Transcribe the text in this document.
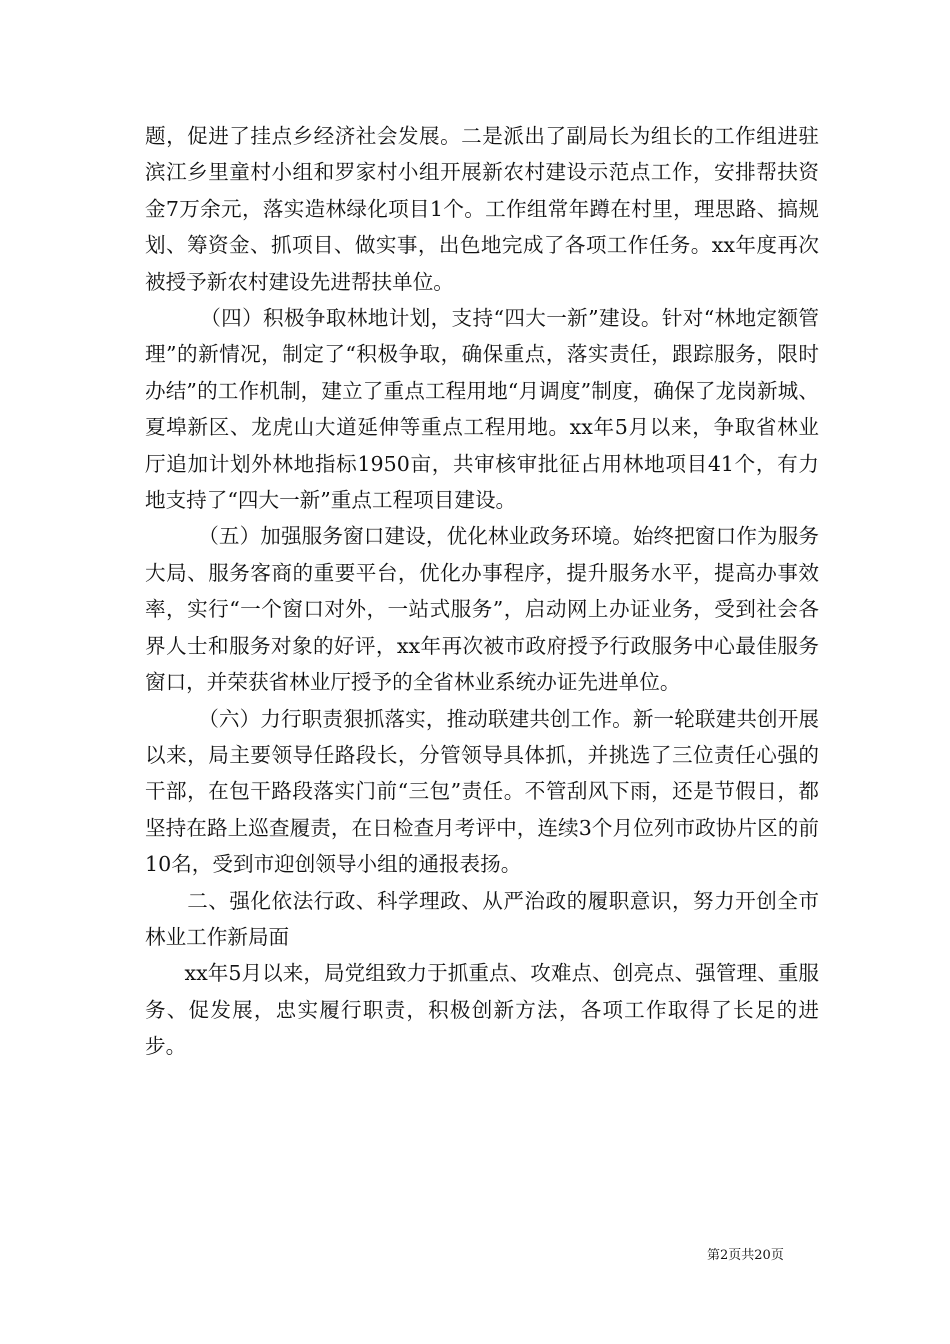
题，促进了挂点乡经济社会发展。二是派出了副局长为组长的工作组进驻滨江乡里童村小组和罗家村小组开展新农村建设示范点工作，安排帮扶资金7万余元，落实造林绿化项目1个。工作组常年蹲在村里，理思路、搞规划、筹资金、抓项目、做实事，出色地完成了各项工作任务。xx年度再次被授予新农村建设先进帮扶单位。

（四）积极争取林地计划，支持“四大一新”建设。针对“林地定额管理”的新情况，制定了“积极争取，确保重点，落实责任，跟踪服务，限时办结”的工作机制，建立了重点工程用地“月调度”制度，确保了龙岗新城、夏埠新区、龙虎山大道延伸等重点工程用地。xx年5月以来，争取省林业厅追加计划外林地指标1950亩，共审核审批征占用林地项目41个，有力地支持了“四大一新”重点工程项目建设。

（五）加强服务窗口建设，优化林业政务环境。始终把窗口作为服务大局、服务客商的重要平台，优化办事程序，提升服务水平，提高办事效率，实行“一个窗口对外，一站式服务”，启动网上办证业务，受到社会各界人士和服务对象的好评，xx年再次被市政府授予行政服务中心最佳服务窗口，并荣获省林业厅授予的全省林业系统办证先进单位。

（六）力行职责狠抓落实，推动联建共创工作。新一轮联建共创开展以来，局主要领导任路段长，分管领导具体抓，并挑选了三位责任心强的干部，在包干路段落实门前“三包”责任。不管刮风下雨，还是节假日，都坚持在路上巡查履责，在日检查月考评中，连续3个月位列市政协片区的前10名，受到市迎创领导小组的通报表扬。

二、强化依法行政、科学理政、从严治政的履职意识，努力开创全市林业工作新局面

xx年5月以来，局党组致力于抓重点、攻难点、创亮点、强管理、重服务、促发展，忠实履行职责，积极创新方法，各项工作取得了长足的进步。

第2页共20页
